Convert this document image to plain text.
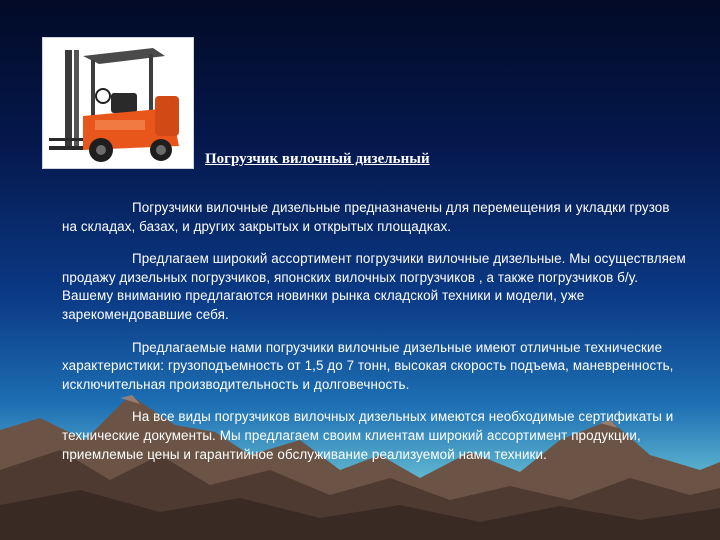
Погрузчик вилочный дизельный

Погрузчики вилочные дизельные предназначены для перемещения и укладки грузов на складах, базах, и других закрытых и открытых площадках.

Предлагаем широкий ассортимент погрузчики вилочные дизельные. Мы осуществляем продажу дизельных погрузчиков, японских вилочных погрузчиков , а также погрузчиков б/у. Вашему вниманию предлагаются новинки рынка складской техники и модели, уже зарекомендовавшие себя.

Предлагаемые нами погрузчики вилочные дизельные имеют отличные технические характеристики: грузоподъемность от 1,5 до 7 тонн, высокая скорость подъема, маневренность, исключительная производительность и долговечность.

На все виды погрузчиков вилочных дизельных имеются необходимые сертификаты и технические документы. Мы предлагаем своим клиентам широкий ассортимент продукции, приемлемые цены и гарантийное обслуживание реализуемой нами техники.
